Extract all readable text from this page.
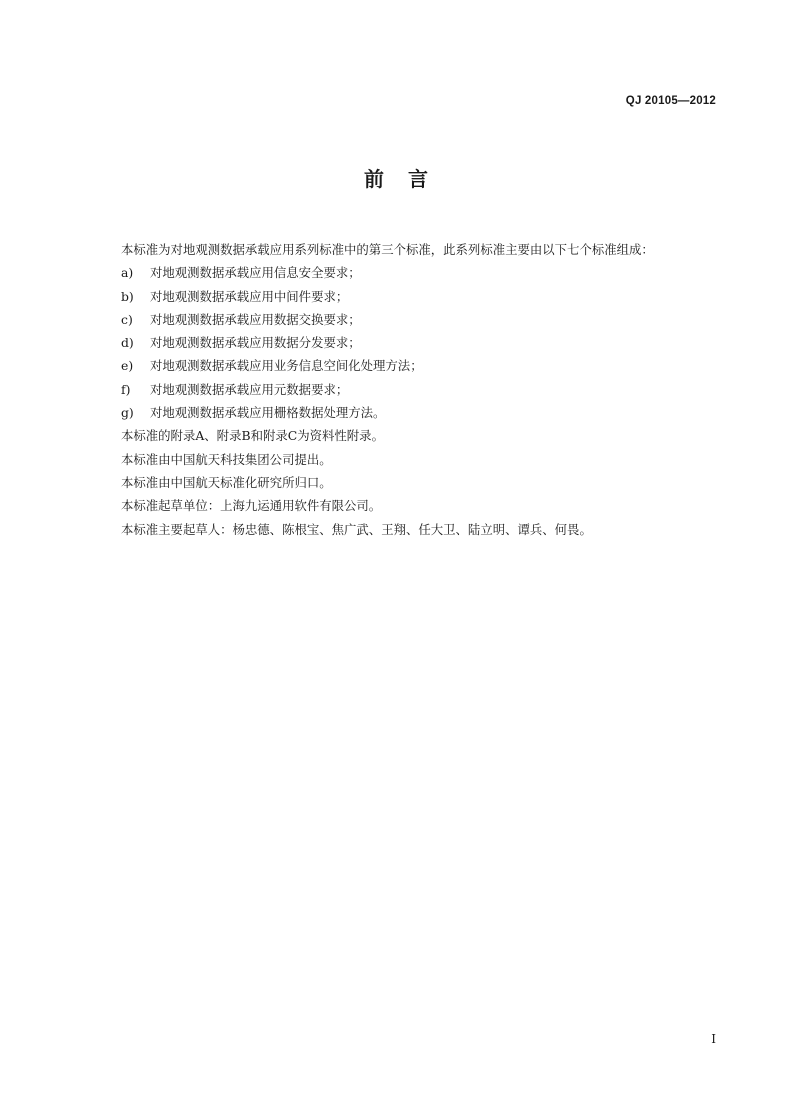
QJ 20105—2012
前言

本标准为对地观测数据承载应用系列标准中的第三个标准，此系列标准主要由以下七个标准组成：

a) 对地观测数据承载应用信息安全要求；
b) 对地观测数据承载应用中间件要求；
c) 对地观测数据承载应用数据交换要求；
d) 对地观测数据承载应用数据分发要求；
e) 对地观测数据承载应用业务信息空间化处理方法；
f) 对地观测数据承载应用元数据要求；
g) 对地观测数据承载应用栅格数据处理方法。

本标准的附录A、附录B和附录C为资料性附录。

本标准由中国航天科技集团公司提出。

本标准由中国航天标准化研究所归口。

本标准起草单位：上海九运通用软件有限公司。

本标准主要起草人：杨忠德、陈根宝、焦广武、王翔、任大卫、陆立明、谭兵、何畏。

I
